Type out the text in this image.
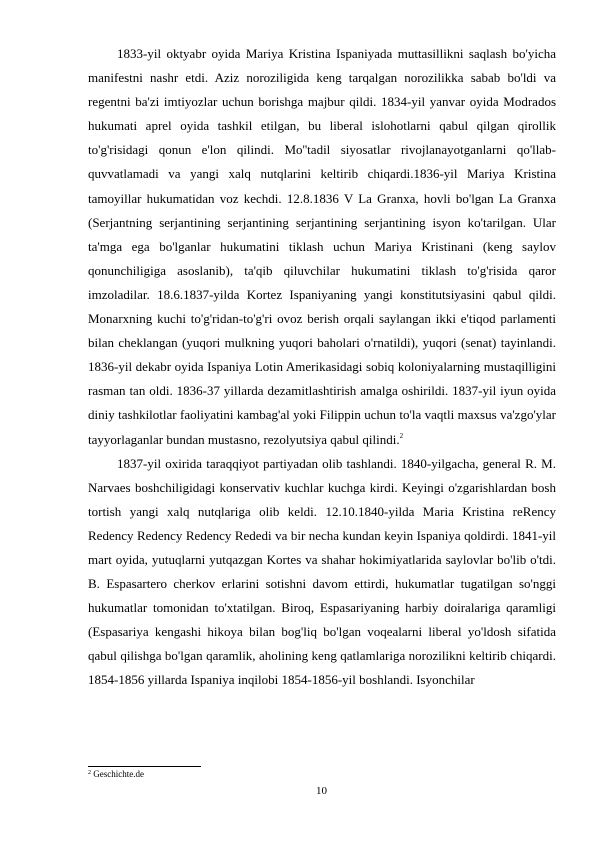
1833-yil oktyabr oyida Mariya Kristina Ispaniyada muttasillikni saqlash bo'yicha manifestni nashr etdi. Aziz noroziligida keng tarqalgan norozilikka sabab bo'ldi va regentni ba'zi imtiyozlar uchun borishga majbur qildi. 1834-yil yanvar oyida Modrados hukumati aprel oyida tashkil etilgan, bu liberal islohotlarni qabul qilgan qirollik to'g'risidagi qonun e'lon qilindi. Mo''tadil siyosatlar rivojlanayotganlarni qo'llab-quvvatlamadi va yangi xalq nutqlarini keltirib chiqardi.1836-yil Mariya Kristina tamoyillar hukumatidan voz kechdi. 12.8.1836 V La Granxa, hovli bo'lgan La Granxa (Serjantning serjantining serjantining serjantining serjantining isyon ko'tarilgan. Ular ta'mga ega bo'lganlar hukumatini tiklash uchun Mariya Kristinani (keng saylov qonunchiligiga asoslanib), ta'qib qiluvchilar hukumatini tiklash to'g'risida qaror imzoladilar. 18.6.1837-yilda Kortez Ispaniyaning yangi konstitutsiyasini qabul qildi. Monarxning kuchi to'g'ridan-to'g'ri ovoz berish orqali saylangan ikki e'tiqod parlamenti bilan cheklangan (yuqori mulkning yuqori baholari o'rnatildi), yuqori (senat) tayinlandi. 1836-yil dekabr oyida Ispaniya Lotin Amerikasidagi sobiq koloniyalarning mustaqilligini rasman tan oldi. 1836-37 yillarda dezamitlashtirish amalga oshirildi. 1837-yil iyun oyida diniy tashkilotlar faoliyatini kambag'al yoki Filippin uchun to'la vaqtli maxsus va'zgo'ylar tayyorlaganlar bundan mustasno, rezolyutsiya qabul qilindi.$^2$

1837-yil oxirida taraqqiyot partiyadan olib tashlandi. 1840-yilgacha, general R. M. Narvaes boshchiligidagi konservativ kuchlar kuchga kirdi. Keyingi o'zgarishlardan bosh tortish yangi xalq nutqlariga olib keldi. 12.10.1840-yilda Maria Kristina reRency Redency Redency Redency Rededi va bir necha kundan keyin Ispaniya qoldirdi. 1841-yil mart oyida, yutuqlarni yutqazgan Kortes va shahar hokimiyatlarida saylovlar bo'lib o'tdi. B. Espasartero cherkov erlarini sotishni davom ettirdi, hukumatlar tugatilgan so'nggi hukumatlar tomonidan to'xtatilgan. Biroq, Espasariyaning harbiy doiralariga qaramligi (Espasariya kengashi hikoya bilan bog'liq bo'lgan voqealarni liberal yo'ldosh sifatida qabul qilishga bo'lgan qaramlik, aholining keng qatlamlariga norozilikni keltirib chiqardi. 1854-1856 yillarda Ispaniya inqilobi 1854-1856-yil boshlandi. Isyonchilar

$^2$ Geschichte.de
10
